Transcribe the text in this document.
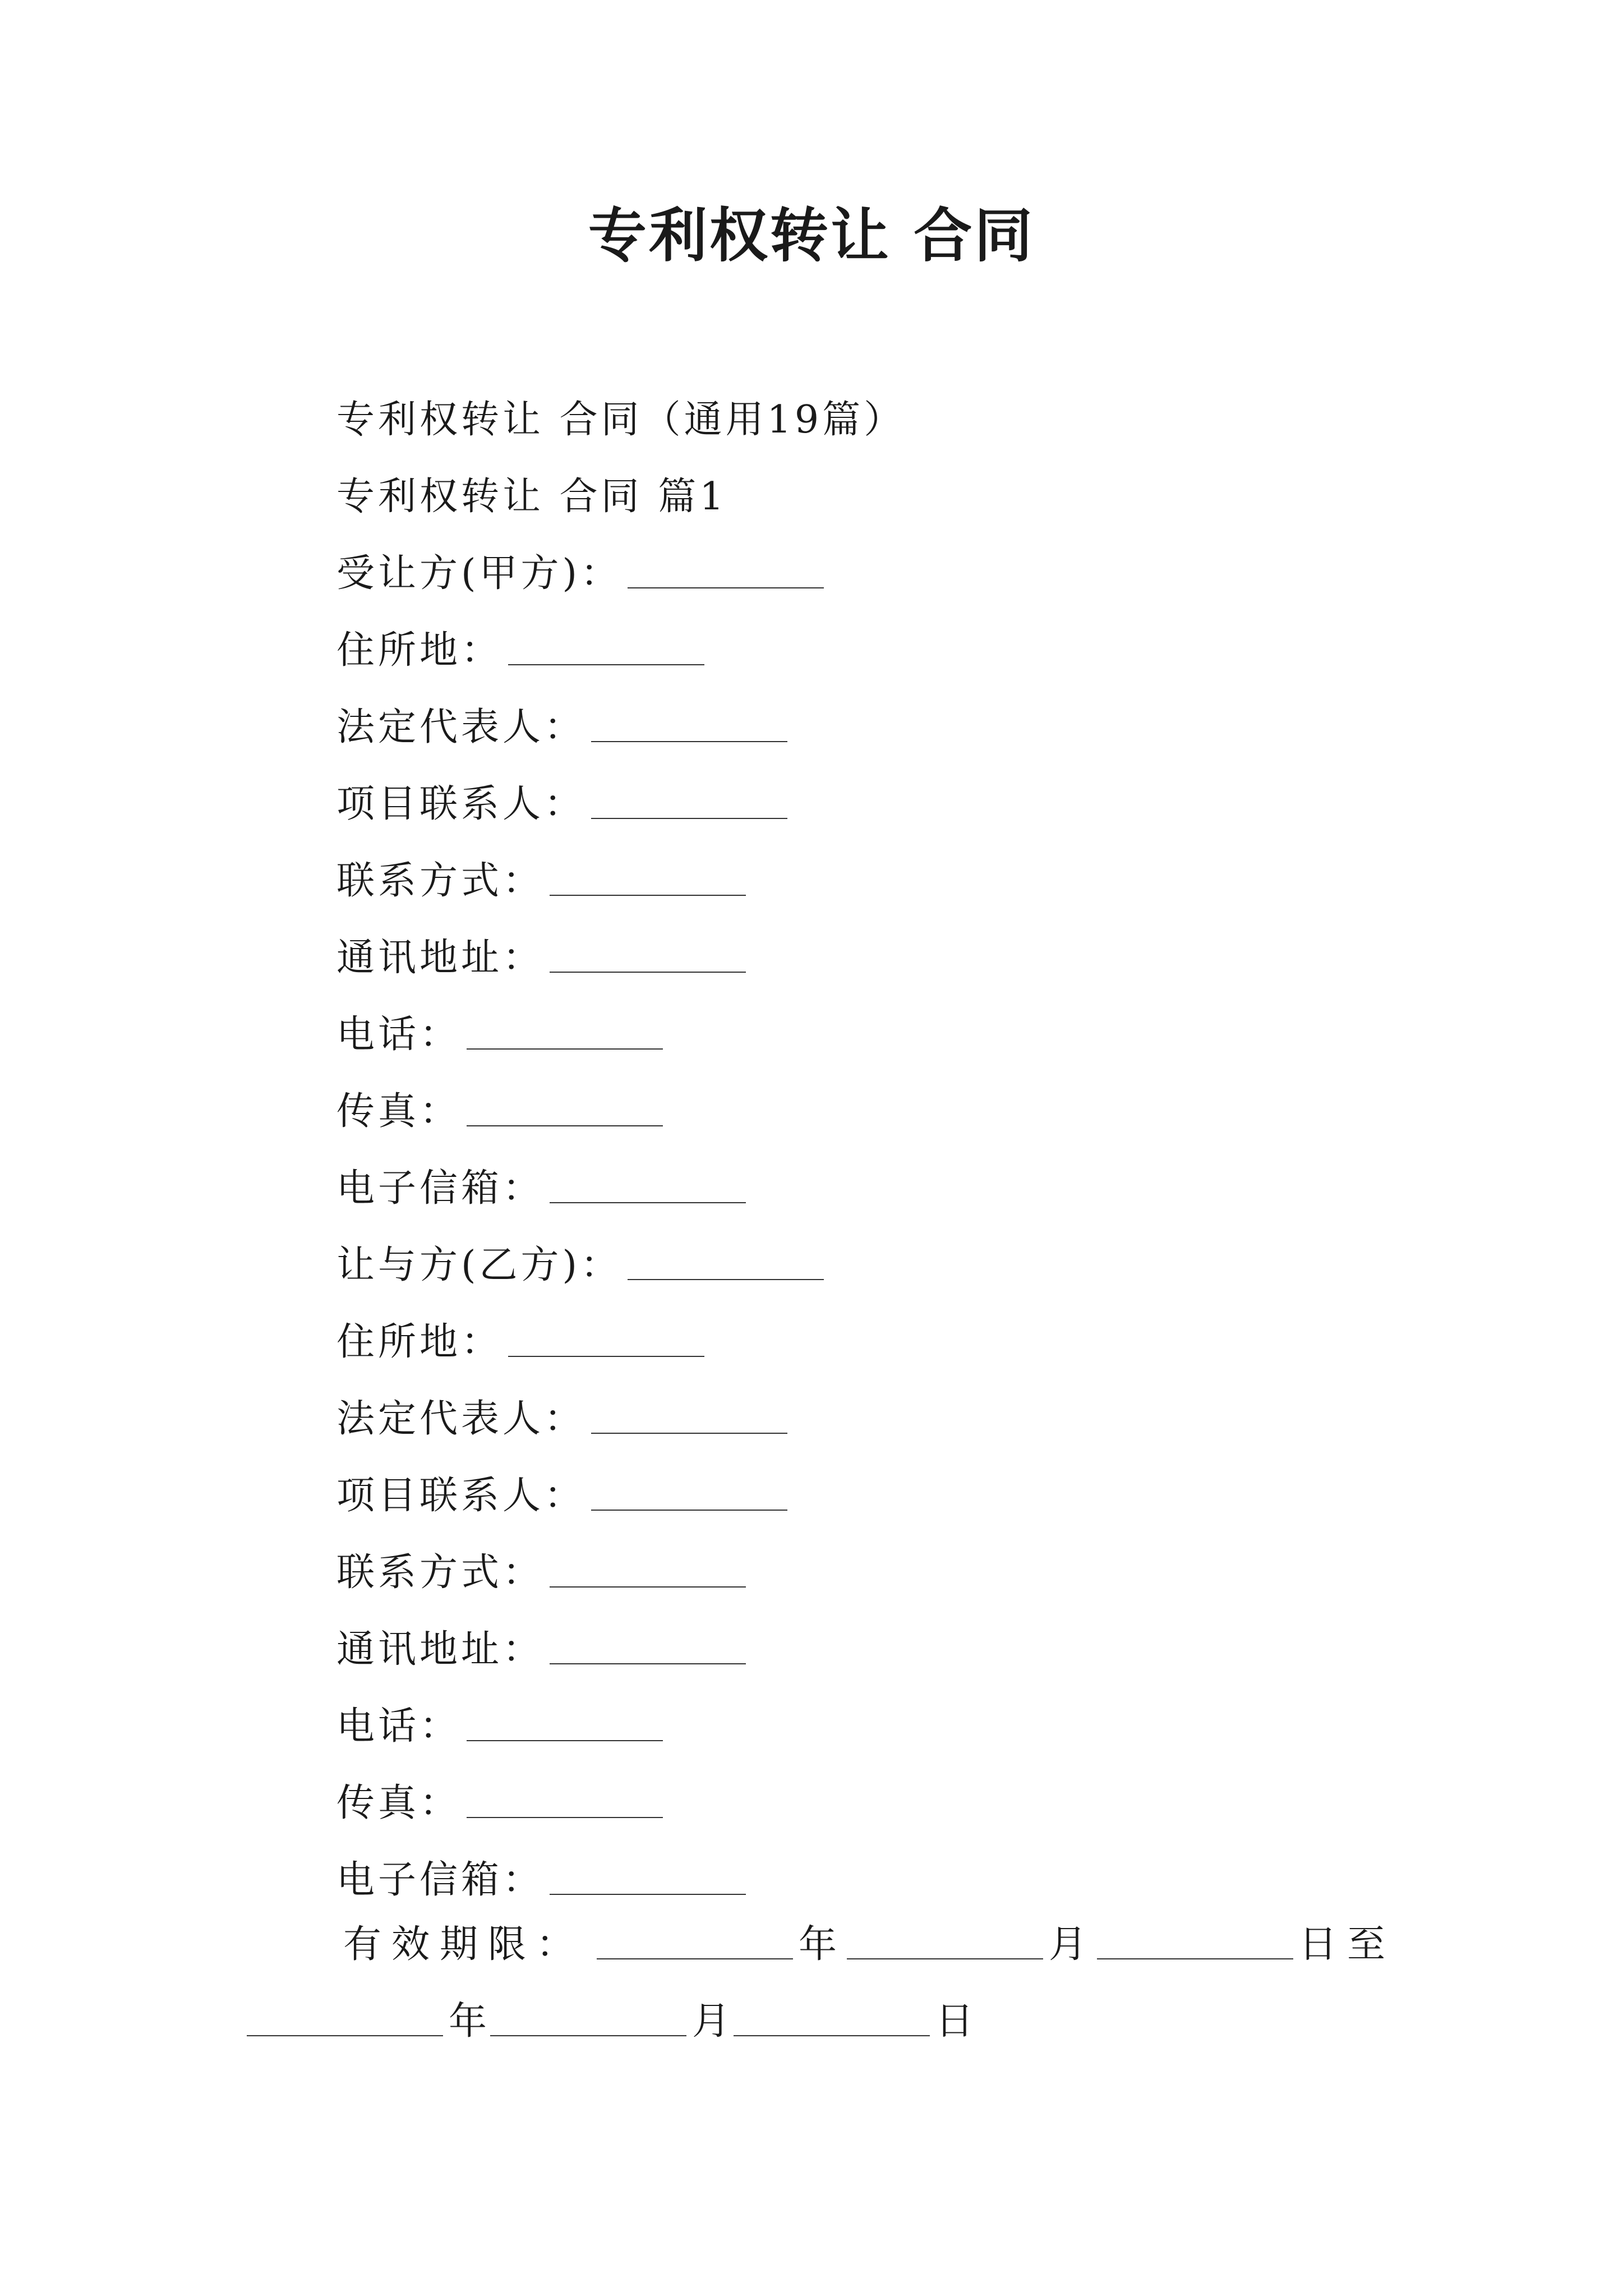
专利权转让 合同
专利权转让 合同（通用19篇）
专利权转让 合同 篇1
受让方(甲方)：
住所地：
法定代表人：
项目联系人：
联系方式：
通讯地址：
电话：
传真：
电子信箱：
让与方(乙方)：
住所地：
法定代表人：
项目联系人：
联系方式：
通讯地址：
电话：
传真：
电子信箱：
有效期限：	年	月	日至
年	月	日
